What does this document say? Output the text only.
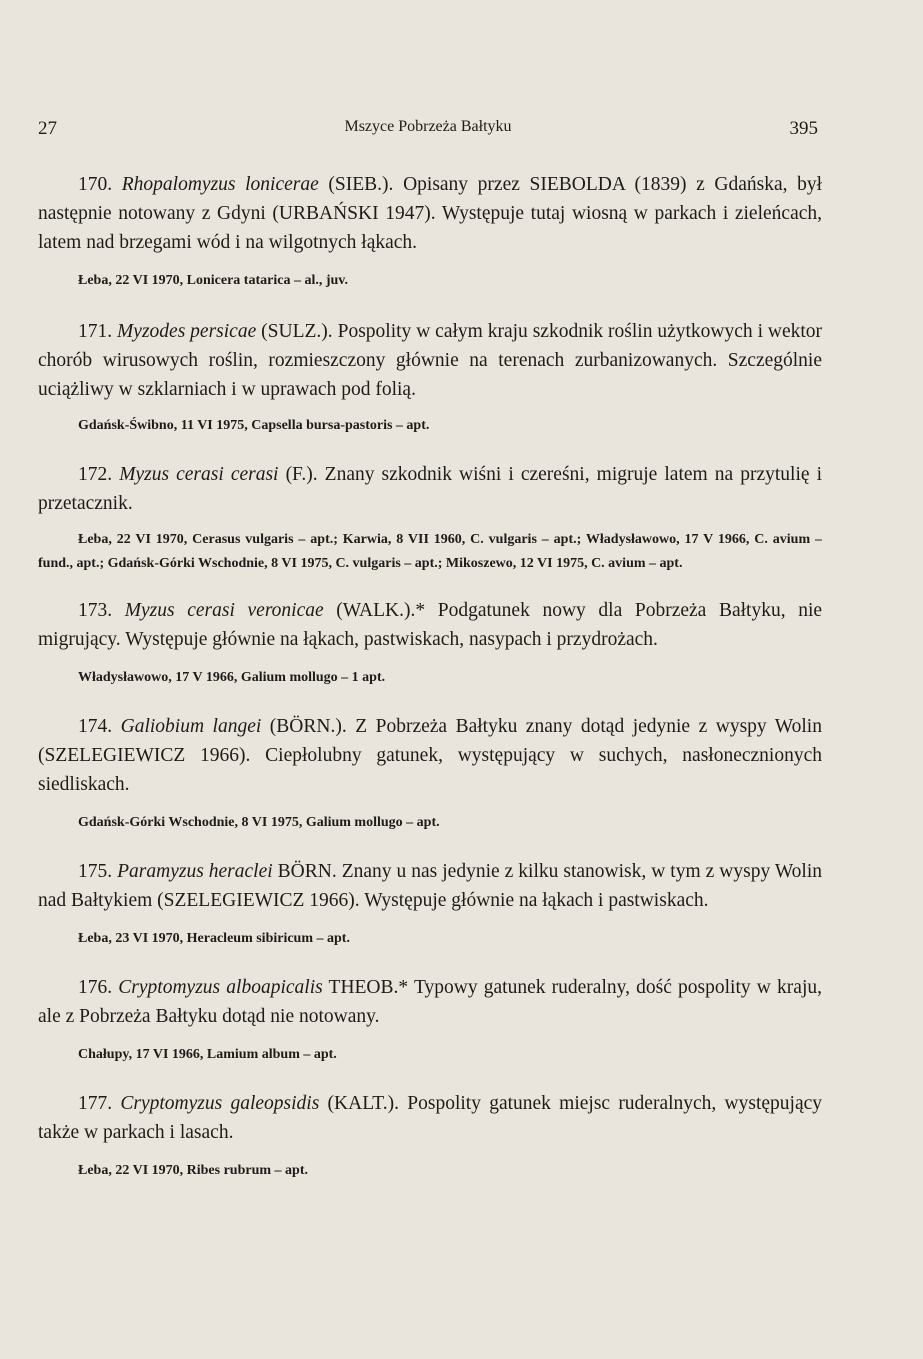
27	Mszyce Pobrzeża Bałtyku	395

170. Rhopalomyzus lonicerae (SIEB.). Opisany przez SIEBOLDA (1839) z Gdańska, był następnie notowany z Gdyni (URBAŃSKI 1947). Występuje tutaj wiosną w parkach i zieleńcach, latem nad brzegami wód i na wilgotnych łąkach.

Łeba, 22 VI 1970, Lonicera tatarica – al., juv.

171. Myzodes persicae (SULZ.). Pospolity w całym kraju szkodnik roślin użytkowych i wektor chorób wirusowych roślin, rozmieszczony głównie na terenach zurbanizowanych. Szczególnie uciążliwy w szklarniach i w uprawach pod folią.

Gdańsk-Świbno, 11 VI 1975, Capsella bursa-pastoris – apt.

172. Myzus cerasi cerasi (F.). Znany szkodnik wiśni i czereśni, migruje latem na przytulię i przetacznik.

Łeba, 22 VI 1970, Cerasus vulgaris – apt.; Karwia, 8 VII 1960, C. vulgaris – apt.; Władysławowo, 17 V 1966, C. avium – fund., apt.; Gdańsk-Górki Wschodnie, 8 VI 1975, C. vulgaris – apt.; Mikoszewo, 12 VI 1975, C. avium – apt.

173. Myzus cerasi veronicae (WALK.).* Podgatunek nowy dla Pobrzeża Bałtyku, nie migrujący. Występuje głównie na łąkach, pastwiskach, nasypach i przydrożach.

Władysławowo, 17 V 1966, Galium mollugo – 1 apt.

174. Galiobium langei (BÖRN.). Z Pobrzeża Bałtyku znany dotąd jedynie z wyspy Wolin (SZELEGIEWICZ 1966). Ciepłolubny gatunek, występujący w suchych, nasłonecznionych siedliskach.

Gdańsk-Górki Wschodnie, 8 VI 1975, Galium mollugo – apt.

175. Paramyzus heraclei BÖRN. Znany u nas jedynie z kilku stanowisk, w tym z wyspy Wolin nad Bałtykiem (SZELEGIEWICZ 1966). Występuje głównie na łąkach i pastwiskach.

Łeba, 23 VI 1970, Heracleum sibiricum – apt.

176. Cryptomyzus alboapicalis THEOB.* Typowy gatunek ruderalny, dość pospolity w kraju, ale z Pobrzeża Bałtyku dotąd nie notowany.

Chałupy, 17 VI 1966, Lamium album – apt.

177. Cryptomyzus galeopsidis (KALT.). Pospolity gatunek miejsc ruderalnych, występujący także w parkach i lasach.

Łeba, 22 VI 1970, Ribes rubrum – apt.
